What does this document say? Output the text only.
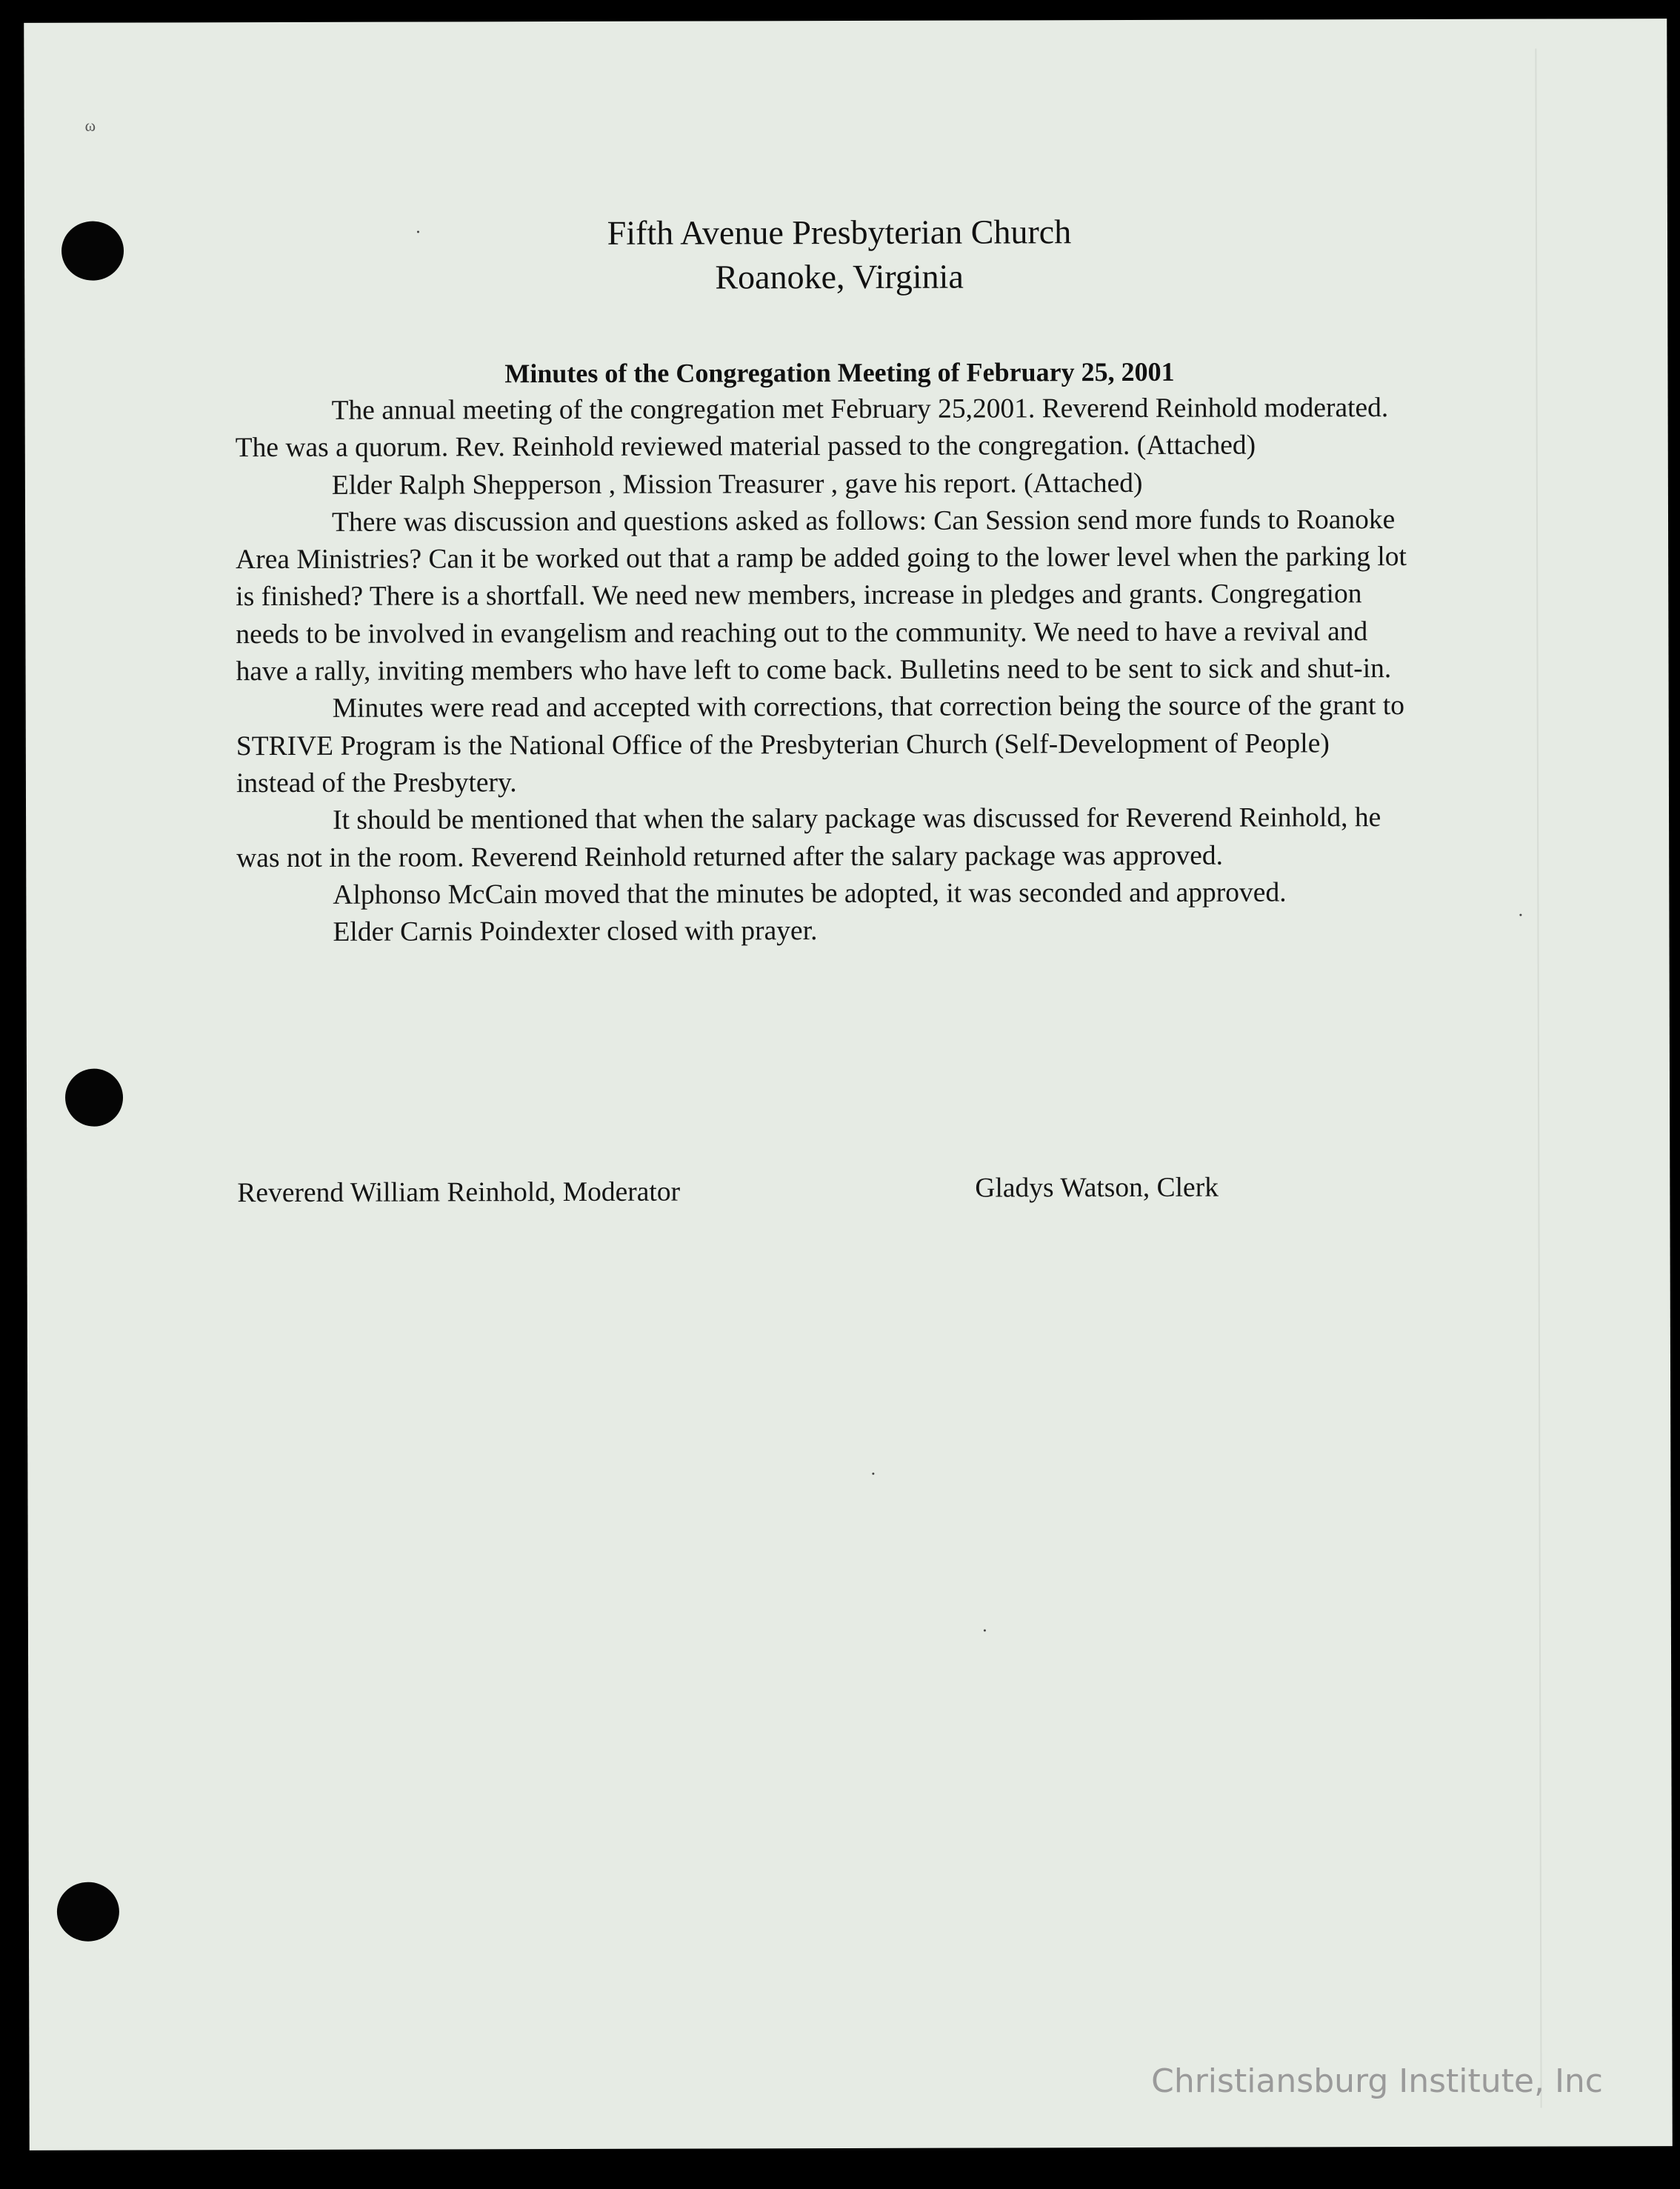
ω
Fifth Avenue Presbyterian Church
Roanoke, Virginia
Minutes of the Congregation Meeting of February 25, 2001

The annual meeting of the congregation met February 25,2001. Reverend Reinhold moderated. The was a quorum. Rev. Reinhold reviewed material passed to the congregation. (Attached)

Elder Ralph Shepperson , Mission Treasurer , gave his report. (Attached)

There was discussion and questions asked as follows: Can Session send more funds to Roanoke Area Ministries? Can it be worked out that a ramp be added going to the lower level when the parking lot is finished? There is a shortfall. We need new members, increase in pledges and grants. Congregation needs to be involved in evangelism and reaching out to the community. We need to have a revival and have a rally, inviting members who have left to come back. Bulletins need to be sent to sick and shut-in.

Minutes were read and accepted with corrections, that correction being the source of the grant to STRIVE Program is the National Office of the Presbyterian Church (Self-Development of People) instead of the Presbytery.

It should be mentioned that when the salary package was discussed for Reverend Reinhold, he was not in the room. Reverend Reinhold returned after the salary package was approved.

Alphonso McCain moved that the minutes be adopted, it was seconded and approved.

Elder Carnis Poindexter closed with prayer.

Reverend William Reinhold, Moderator	Gladys Watson, Clerk
Christiansburg Institute, Inc
